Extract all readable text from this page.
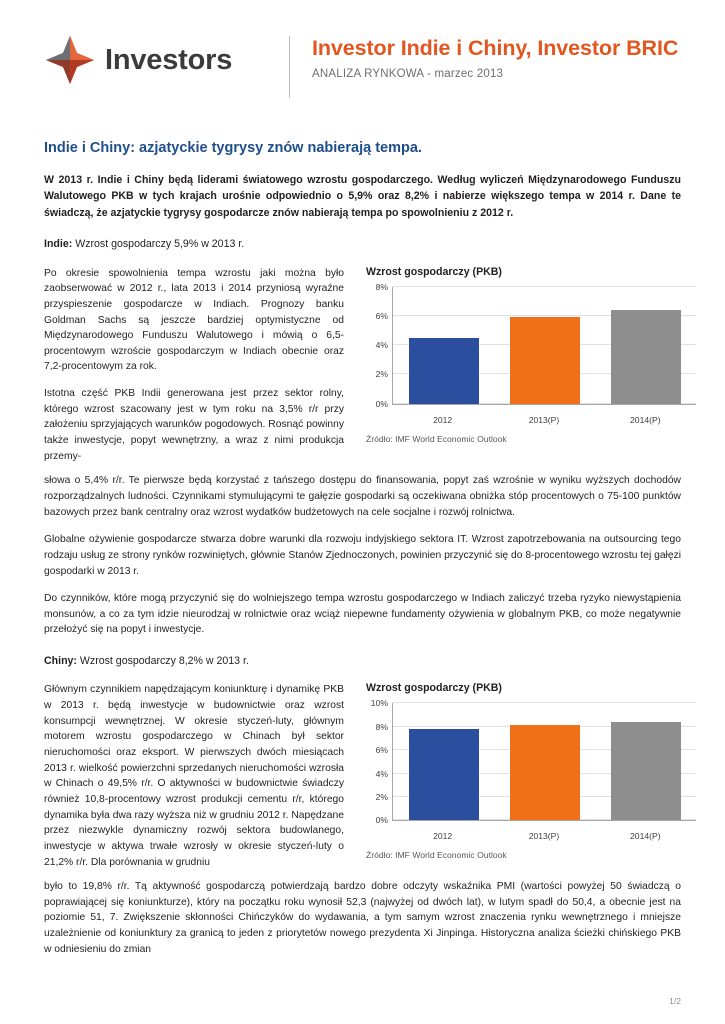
Investors	Investor Indie i Chiny, Investor BRIC
ANALIZA RYNKOWA - marzec 2013
Indie i Chiny: azjatyckie tygrysy znów nabierają tempa.
W 2013 r. Indie i Chiny będą liderami światowego wzrostu gospodarczego. Według wyliczeń Międzynarodowego Funduszu Walutowego PKB w tych krajach urośnie odpowiednio o 5,9% oraz 8,2% i nabierze większego tempa w 2014 r. Dane te świadczą, że azjatyckie tygrysy gospodarcze znów nabierają tempa po spowolnieniu z 2012 r.
Indie: Wzrost gospodarczy 5,9% w 2013 r.

Po okresie spowolnienia tempa wzrostu jaki można było zaobserwować w 2012 r., lata 2013 i 2014 przyniosą wyraźne przyspieszenie gospodarcze w Indiach. Prognozy banku Goldman Sachs są jeszcze bardziej optymistyczne od Międzynarodowego Funduszu Walutowego i mówią o 6,5-procentowym wzroście gospodarczym w Indiach obecnie oraz 7,2-procentowym za rok.

Istotna część PKB Indii generowana jest przez sektor rolny, którego wzrost szacowany jest w tym roku na 3,5% r/r przy założeniu sprzyjających warunków pogodowych. Rosnąć powinny także inwestycje, popyt wewnętrzny, a wraz z nimi produkcja przemy-

Wzrost gospodarczy (PKB)
0%
2%
4%
6%
8%
2012	2013(P)	2014(P)
Źródło: IMF World Economic Outlook

słowa o 5,4% r/r. Te pierwsze będą korzystać z tańszego dostępu do finansowania, popyt zaś wzrośnie w wyniku wyższych dochodów rozporządzalnych ludności. Czynnikami stymulującymi te gałęzie gospodarki są oczekiwana obniżka stóp procentowych o 75-100 punktów bazowych przez bank centralny oraz wzrost wydatków budżetowych na cele socjalne i rozwój rolnictwa.

Globalne ożywienie gospodarcze stwarza dobre warunki dla rozwoju indyjskiego sektora IT. Wzrost zapotrzebowania na outsourcing tego rodzaju usług ze strony rynków rozwiniętych, głównie Stanów Zjednoczonych, powinien przyczynić się do 8-procentowego wzrostu tej gałęzi gospodarki w 2013 r.

Do czynników, które mogą przyczynić się do wolniejszego tempa wzrostu gospodarczego w Indiach zaliczyć trzeba ryzyko niewystąpienia monsunów, a co za tym idzie nieurodzaj w rolnictwie oraz wciąż niepewne fundamenty ożywienia w globalnym PKB, co może negatywnie przełożyć się na popyt i inwestycje.

Chiny: Wzrost gospodarczy 8,2% w 2013 r.

Głównym czynnikiem napędzającym koniunkturę i dynamikę PKB w 2013 r. będą inwestycje w budownictwie oraz wzrost konsumpcji wewnętrznej. W okresie styczeń-luty, głównym motorem wzrostu gospodarczego w Chinach był sektor nieruchomości oraz eksport. W pierwszych dwóch miesiącach 2013 r. wielkość powierzchni sprzedanych nieruchomości wzrosła w Chinach o 49,5% r/r. O aktywności w budownictwie świadczy również 10,8-procentowy wzrost produkcji cementu r/r, którego dynamika była dwa razy wyższa niż w grudniu 2012 r. Napędzane przez niezwykle dynamiczny rozwój sektora budowlanego, inwestycje w aktywa trwałe wzrosły w okresie styczeń-luty o 21,2% r/r. Dla porównania w grudniu

Wzrost gospodarczy (PKB)
0%
2%
4%
6%
8%
10%
2012	2013(P)	2014(P)
Źródło: IMF World Economic Outlook

było to 19,8% r/r. Tą aktywność gospodarczą potwierdzają bardzo dobre odczyty wskaźnika PMI (wartości powyżej 50 świadczą o poprawiającej się koniunkturze), który na początku roku wynosił 52,3 (najwyżej od dwóch lat), w lutym spadł do 50,4, a obecnie jest na poziomie 51, 7. Zwiększenie skłonności Chińczyków do wydawania, a tym samym wzrost znaczenia rynku wewnętrznego i mniejsze uzależnienie od koniunktury za granicą to jeden z priorytetów nowego prezydenta Xi Jinpinga. Historyczna analiza ścieżki chińskiego PKB w odniesieniu do zmian

1/2
